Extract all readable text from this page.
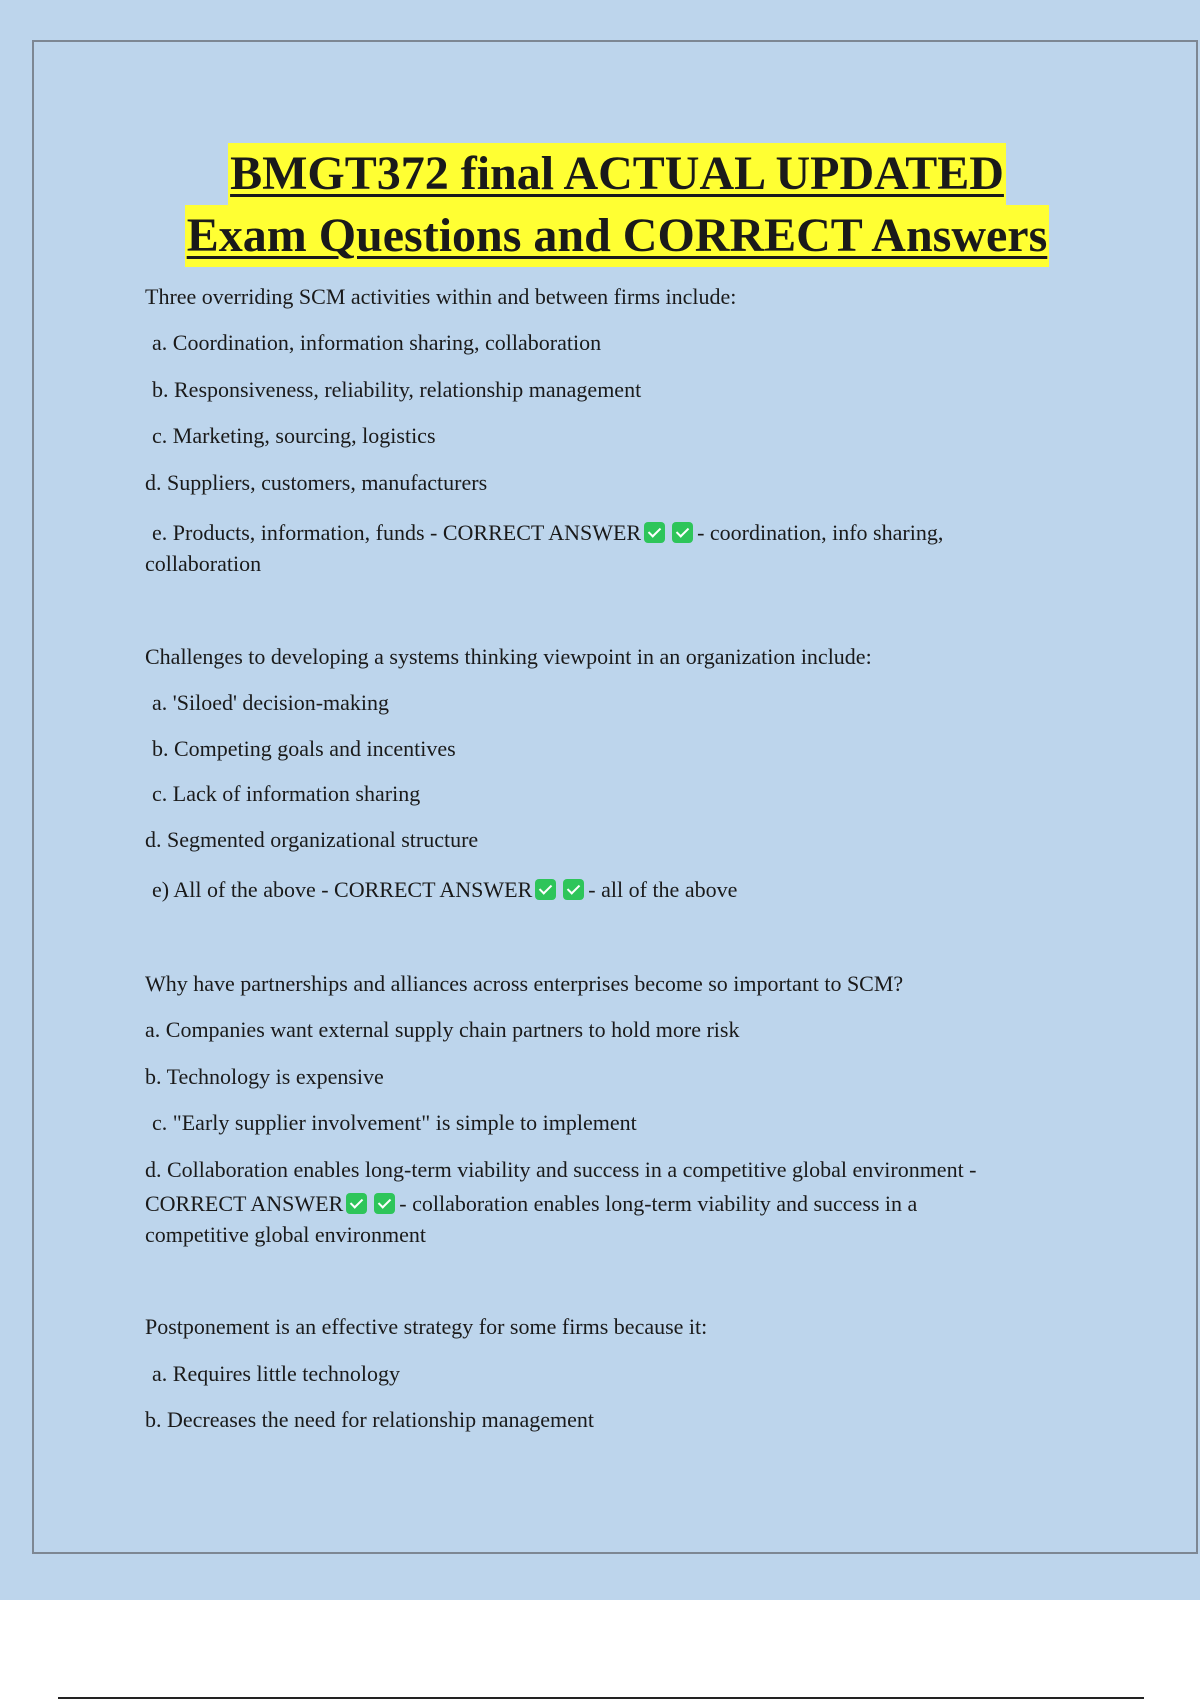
BMGT372 final ACTUAL UPDATED
Exam Questions and CORRECT Answers
Three overriding SCM activities within and between firms include:
a. Coordination, information sharing, collaboration
b. Responsiveness, reliability, relationship management
c. Marketing, sourcing, logistics
d. Suppliers, customers, manufacturers
e. Products, information, funds - CORRECT ANSWER	- coordination, info sharing,
collaboration
Challenges to developing a systems thinking viewpoint in an organization include:
a. 'Siloed' decision-making
b. Competing goals and incentives
c. Lack of information sharing
d. Segmented organizational structure
e) All of the above - CORRECT ANSWER	- all of the above
Why have partnerships and alliances across enterprises become so important to SCM?
a. Companies want external supply chain partners to hold more risk
b. Technology is expensive
c. "Early supplier involvement" is simple to implement
d. Collaboration enables long-term viability and success in a competitive global environment -
CORRECT ANSWER	- collaboration enables long-term viability and success in a
competitive global environment
Postponement is an effective strategy for some firms because it:
a. Requires little technology
b. Decreases the need for relationship management
